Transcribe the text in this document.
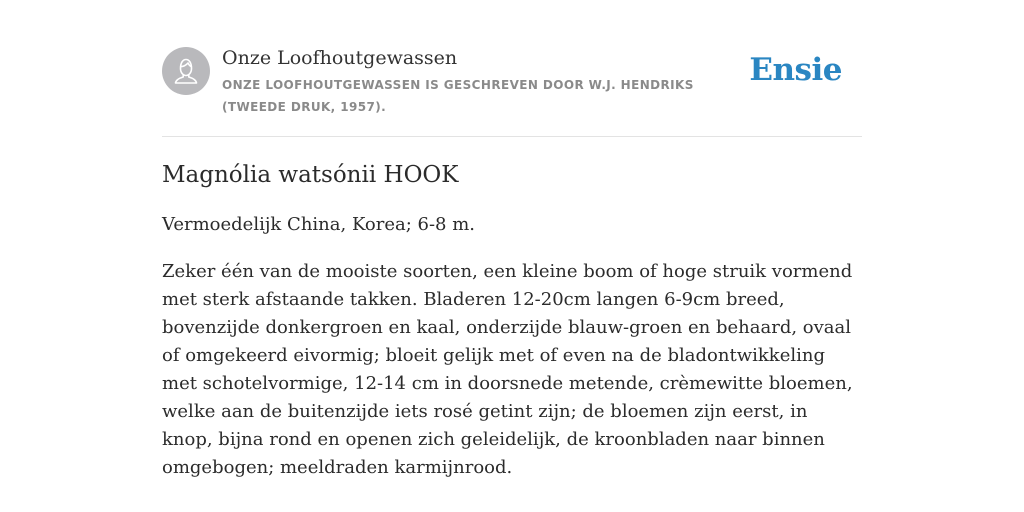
Onze Loofhoutgewassen
ONZE LOOFHOUTGEWASSEN IS GESCHREVEN DOOR W.J. HENDRIKS (TWEEDE DRUK, 1957).
Ensie
Magnólia watsónii HOOK

Vermoedelijk China, Korea; 6-8 m.

Zeker één van de mooiste soorten, een kleine boom of hoge struik vormend met sterk afstaande takken. Bladeren 12-20cm langen 6-9cm breed, bovenzijde donkergroen en kaal, onderzijde blauw-groen en behaard, ovaal of omgekeerd eivormig; bloeit gelijk met of even na de bladontwikkeling met schotelvormige, 12-14 cm in doorsnede metende, crèmewitte bloemen, welke aan de buitenzijde iets rosé getint zijn; de bloemen zijn eerst, in knop, bijna rond en openen zich geleidelijk, de kroonbladen naar binnen omgebogen; meeldraden karmijnrood.
